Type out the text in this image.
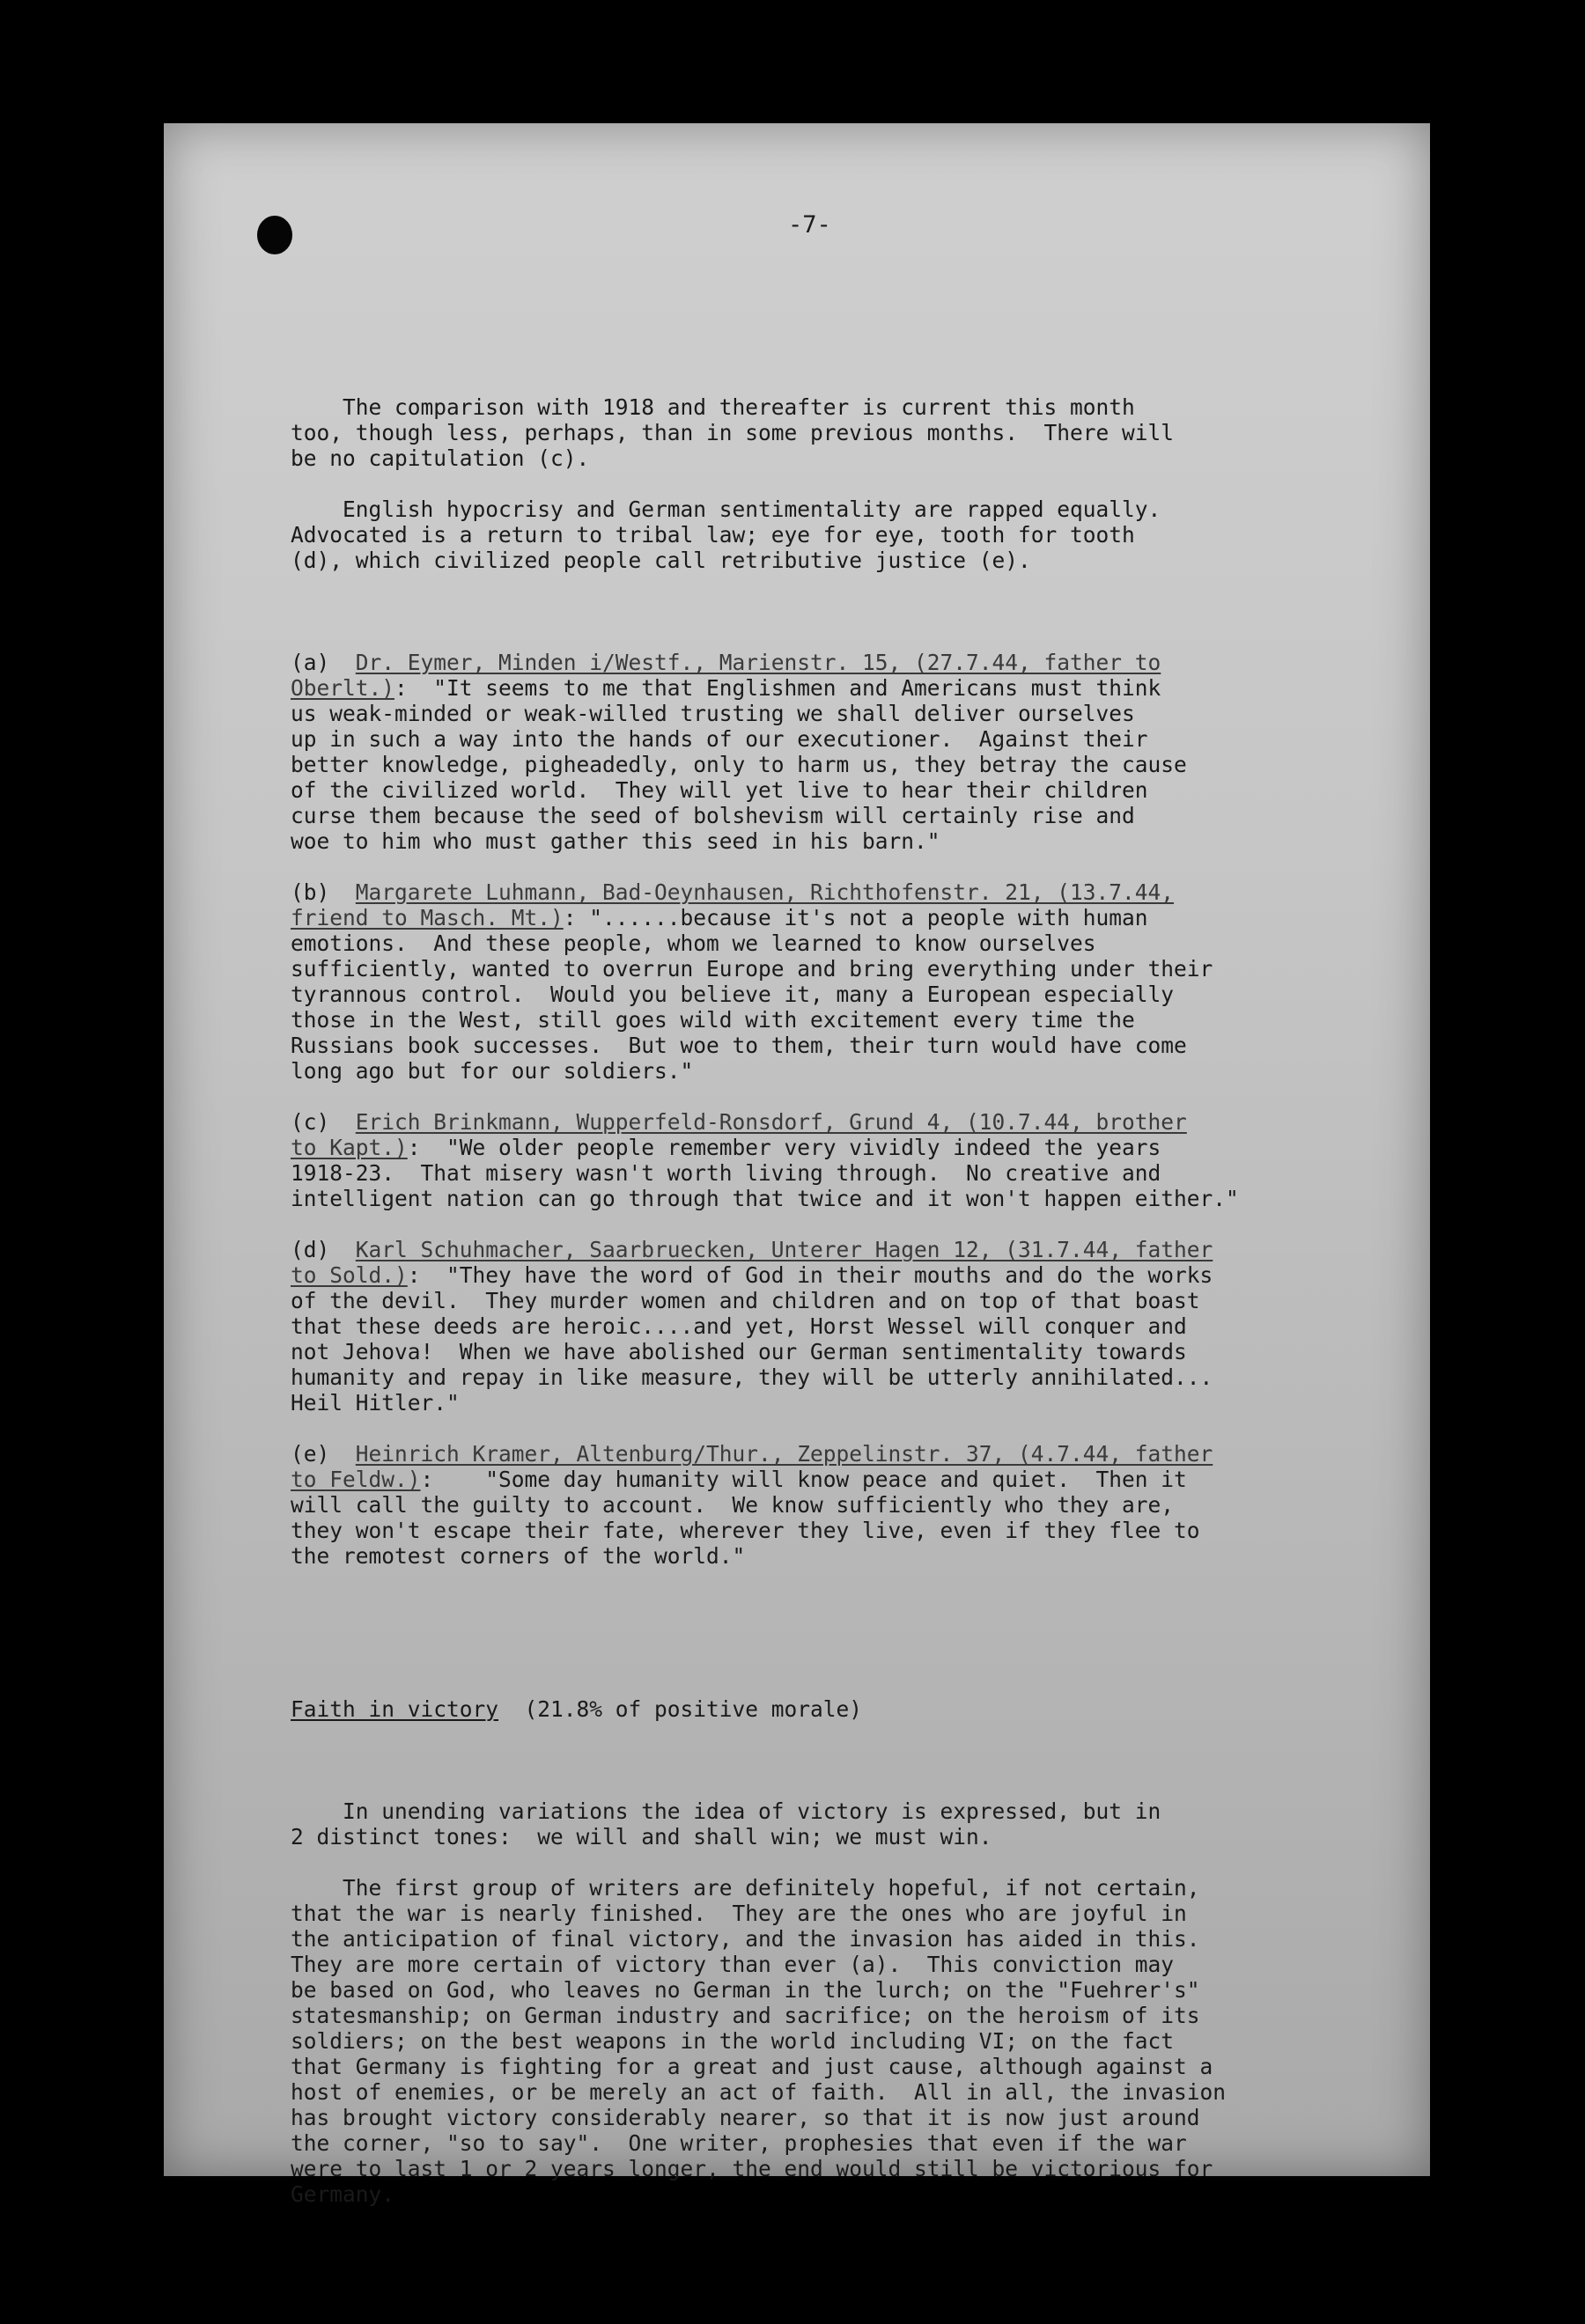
-7-

The comparison with 1918 and thereafter is current this month
too, though less, perhaps, than in some previous months.  There will
be no capitulation (c).
English hypocrisy and German sentimentality are rapped equally.
Advocated is a return to tribal law; eye for eye, tooth for tooth
(d), which civilized people call retributive justice (e).

(a) Dr. Eymer, Minden i/Westf., Marienstr. 15, (27.7.44, father to
Oberlt.):  "It seems to me that Englishmen and Americans must think
us weak-minded or weak-willed trusting we shall deliver ourselves
up in such a way into the hands of our executioner.  Against their
better knowledge, pigheadedly, only to harm us, they betray the cause
of the civilized world.  They will yet live to hear their children
curse them because the seed of bolshevism will certainly rise and
woe to him who must gather this seed in his barn."
(b) Margarete Luhmann, Bad-Oeynhausen, Richthofenstr. 21, (13.7.44,
friend to Masch. Mt.): "......because it's not a people with human
emotions.  And these people, whom we learned to know ourselves
sufficiently, wanted to overrun Europe and bring everything under their
tyrannous control.  Would you believe it, many a European especially
those in the West, still goes wild with excitement every time the
Russians book successes.  But woe to them, their turn would have come
long ago but for our soldiers."
(c) Erich Brinkmann, Wupperfeld-Ronsdorf, Grund 4, (10.7.44, brother
to Kapt.):  "We older people remember very vividly indeed the years
1918-23.  That misery wasn't worth living through.  No creative and
intelligent nation can go through that twice and it won't happen either."
(d) Karl Schuhmacher, Saarbruecken, Unterer Hagen 12, (31.7.44, father
to Sold.):  "They have the word of God in their mouths and do the works
of the devil.  They murder women and children and on top of that boast
that these deeds are heroic....and yet, Horst Wessel will conquer and
not Jehova!  When we have abolished our German sentimentality towards
humanity and repay in like measure, they will be utterly annihilated...
Heil Hitler."
(e) Heinrich Kramer, Altenburg/Thur., Zeppelinstr. 37, (4.7.44, father
to Feldw.):    "Some day humanity will know peace and quiet.  Then it
will call the guilty to account.  We know sufficiently who they are,
they won't escape their fate, wherever they live, even if they flee to
the remotest corners of the world."

Faith in victory  (21.8% of positive morale)

In unending variations the idea of victory is expressed, but in
2 distinct tones:  we will and shall win; we must win.
The first group of writers are definitely hopeful, if not certain,
that the war is nearly finished.  They are the ones who are joyful in
the anticipation of final victory, and the invasion has aided in this.
They are more certain of victory than ever (a).  This conviction may
be based on God, who leaves no German in the lurch; on the "Fuehrer's"
statesmanship; on German industry and sacrifice; on the heroism of its
soldiers; on the best weapons in the world including VI; on the fact
that Germany is fighting for a great and just cause, although against a
host of enemies, or be merely an act of faith.  All in all, the invasion
has brought victory considerably nearer, so that it is now just around
the corner, "so to say".  One writer, prophesies that even if the war
were to last 1 or 2 years longer, the end would still be victorious for
Germany.
